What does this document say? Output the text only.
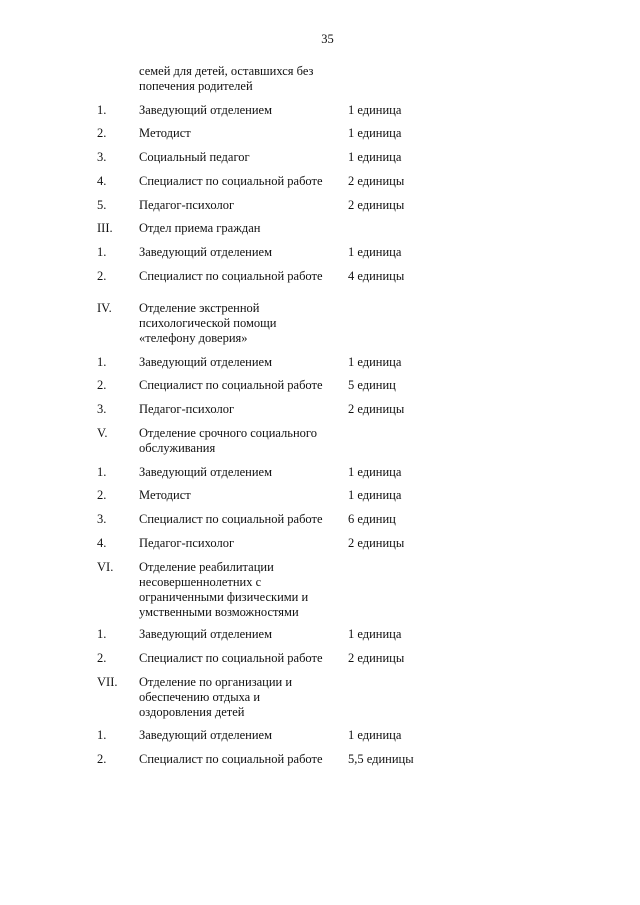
35
семей для детей, оставшихся без
попечения родителей
1.	Заведующий отделением	1 единица
2.	Методист	1 единица
3.	Социальный педагог	1 единица
4.	Специалист по социальной работе 2 единицы
5.	Педагог-психолог	2 единицы
III. Отдел приема граждан
1.	Заведующий отделением	1 единица
2.	Специалист по социальной работе 4 единицы
IV. Отделение экстренной
психологической помощи
«телефону доверия»
1.	Заведующий отделением	1 единица
2.	Специалист по социальной работе 5 единиц
3.	Педагог-психолог	2 единицы
V.	Отделение срочного социального
обслуживания
1.	Заведующий отделением	1 единица
2.	Методист	1 единица
3.	Специалист по социальной работе 6 единиц
4.	Педагог-психолог	2 единицы
VI. Отделение реабилитации
несовершеннолетних с
ограниченными физическими и
умственными возможностями
1.	Заведующий отделением	1 единица
2.	Специалист по социальной работе 2 единицы
VII. Отделение по организации и
обеспечению отдыха и
оздоровления детей
1.	Заведующий отделением	1 единица
2.	Специалист по социальной работе 5,5 единицы
